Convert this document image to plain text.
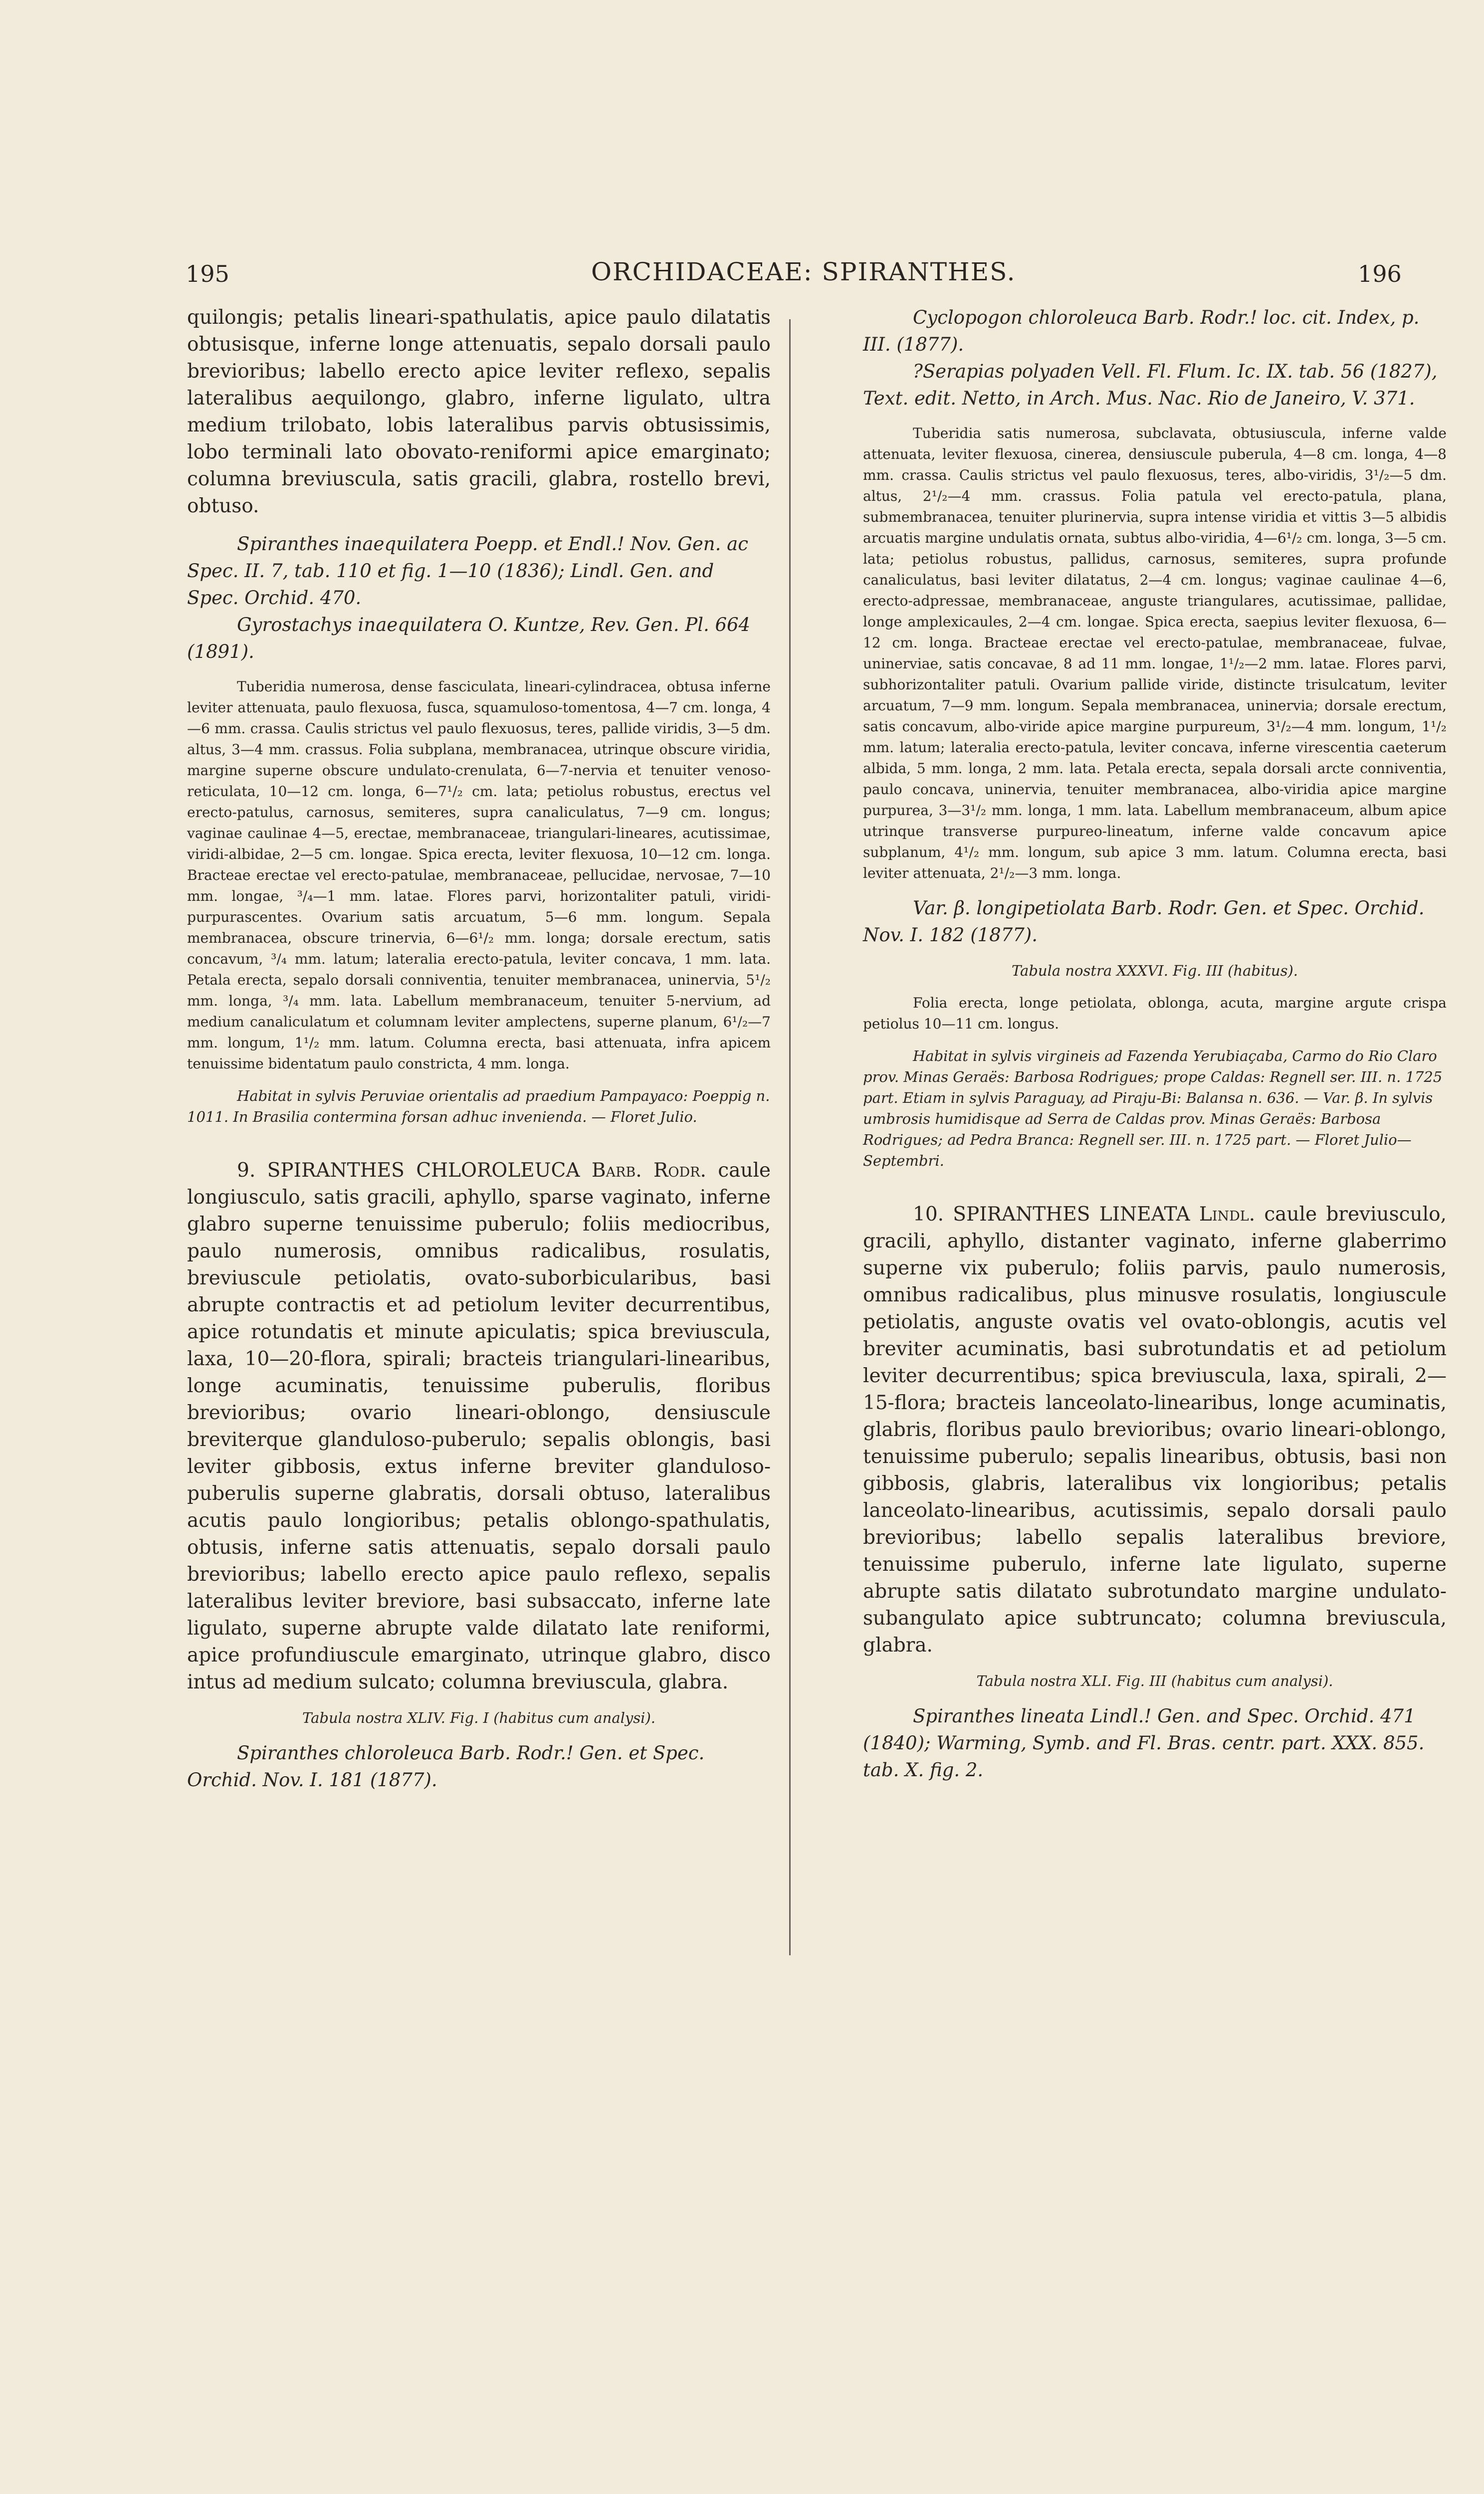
195	ORCHIDACEAE: SPIRANTHES.	196

quilongis; petalis lineari-spathulatis, apice paulo dilatatis obtusisque, inferne longe attenuatis, sepalo dorsali paulo brevioribus; labello erecto apice leviter reflexo, sepalis lateralibus aequilongo, glabro, inferne ligulato, ultra medium trilobato, lobis lateralibus parvis obtusissimis, lobo terminali lato obovato-reniformi apice emarginato; columna breviuscula, satis gracili, glabra, rostello brevi, obtuso.

Spiranthes inaequilatera Poepp. et Endl.! Nov. Gen. ac Spec. II. 7, tab. 110 et fig. 1—10 (1836); Lindl. Gen. and Spec. Orchid. 470.

Gyrostachys inaequilatera O. Kuntze, Rev. Gen. Pl. 664 (1891).

Tuberidia numerosa, dense fasciculata, lineari-cylindracea, obtusa inferne leviter attenuata, paulo flexuosa, fusca, squamuloso-tomentosa, 4—7 cm. longa, 4—6 mm. crassa. Caulis strictus vel paulo flexuosus, teres, pallide viridis, 3—5 dm. altus, 3—4 mm. crassus. Folia subplana, membranacea, utrinque obscure viridia, margine superne obscure undulato-crenulata, 6—7-nervia et tenuiter venoso-reticulata, 10—12 cm. longa, 6—7¹/₂ cm. lata; petiolus robustus, erectus vel erecto-patulus, carnosus, semiteres, supra canaliculatus, 7—9 cm. longus; vaginae caulinae 4—5, erectae, membranaceae, triangulari-lineares, acutissimae, viridi-albidae, 2—5 cm. longae. Spica erecta, leviter flexuosa, 10—12 cm. longa. Bracteae erectae vel erecto-patulae, membranaceae, pellucidae, nervosae, 7—10 mm. longae, ³/₄—1 mm. latae. Flores parvi, horizontaliter patuli, viridi-purpurascentes. Ovarium satis arcuatum, 5—6 mm. longum. Sepala membranacea, obscure trinervia, 6—6¹/₂ mm. longa; dorsale erectum, satis concavum, ³/₄ mm. latum; lateralia erecto-patula, leviter concava, 1 mm. lata. Petala erecta, sepalo dorsali conniventia, tenuiter membranacea, uninervia, 5¹/₂ mm. longa, ³/₄ mm. lata. Labellum membranaceum, tenuiter 5-nervium, ad medium canaliculatum et columnam leviter amplectens, superne planum, 6¹/₂—7 mm. longum, 1¹/₂ mm. latum. Columna erecta, basi attenuata, infra apicem tenuissime bidentatum paulo constricta, 4 mm. longa.

Habitat in sylvis Peruviae orientalis ad praedium Pampayaco: Poeppig n. 1011. In Brasilia contermina forsan adhuc invenienda. — Floret Julio.

9. SPIRANTHES CHLOROLEUCA Barb. Rodr. caule longiusculo, satis gracili, aphyllo, sparse vaginato, inferne glabro superne tenuissime puberulo; foliis mediocribus, paulo numerosis, omnibus radicalibus, rosulatis, breviuscule petiolatis, ovato-suborbicularibus, basi abrupte contractis et ad petiolum leviter decurrentibus, apice rotundatis et minute apiculatis; spica breviuscula, laxa, 10—20-flora, spirali; bracteis triangulari-linearibus, longe acuminatis, tenuissime puberulis, floribus brevioribus; ovario lineari-oblongo, densiuscule breviterque glanduloso-puberulo; sepalis oblongis, basi leviter gibbosis, extus inferne breviter glanduloso-puberulis superne glabratis, dorsali obtuso, lateralibus acutis paulo longioribus; petalis oblongo-spathulatis, obtusis, inferne satis attenuatis, sepalo dorsali paulo brevioribus; labello erecto apice paulo reflexo, sepalis lateralibus leviter breviore, basi subsaccato, inferne late ligulato, superne abrupte valde dilatato late reniformi, apice profundiuscule emarginato, utrinque glabro, disco intus ad medium sulcato; columna breviuscula, glabra.

Tabula nostra XLIV. Fig. I (habitus cum analysi).

Spiranthes chloroleuca Barb. Rodr.! Gen. et Spec. Orchid. Nov. I. 181 (1877).

Cyclopogon chloroleuca Barb. Rodr.! loc. cit. Index, p. III. (1877).

?Serapias polyaden Vell. Fl. Flum. Ic. IX. tab. 56 (1827), Text. edit. Netto, in Arch. Mus. Nac. Rio de Janeiro, V. 371.

Tuberidia satis numerosa, subclavata, obtusiuscula, inferne valde attenuata, leviter flexuosa, cinerea, densiuscule puberula, 4—8 cm. longa, 4—8 mm. crassa. Caulis strictus vel paulo flexuosus, teres, albo-viridis, 3¹/₂—5 dm. altus, 2¹/₂—4 mm. crassus. Folia patula vel erecto-patula, plana, submembranacea, tenuiter plurinervia, supra intense viridia et vittis 3—5 albidis arcuatis margine undulatis ornata, subtus albo-viridia, 4—6¹/₂ cm. longa, 3—5 cm. lata; petiolus robustus, pallidus, carnosus, semiteres, supra profunde canaliculatus, basi leviter dilatatus, 2—4 cm. longus; vaginae caulinae 4—6, erecto-adpressae, membranaceae, anguste triangulares, acutissimae, pallidae, longe amplexicaules, 2—4 cm. longae. Spica erecta, saepius leviter flexuosa, 6—12 cm. longa. Bracteae erectae vel erecto-patulae, membranaceae, fulvae, uninerviae, satis concavae, 8 ad 11 mm. longae, 1¹/₂—2 mm. latae. Flores parvi, subhorizontaliter patuli. Ovarium pallide viride, distincte trisulcatum, leviter arcuatum, 7—9 mm. longum. Sepala membranacea, uninervia; dorsale erectum, satis concavum, albo-viride apice margine purpureum, 3¹/₂—4 mm. longum, 1¹/₂ mm. latum; lateralia erecto-patula, leviter concava, inferne virescentia caeterum albida, 5 mm. longa, 2 mm. lata. Petala erecta, sepala dorsali arcte conniventia, paulo concava, uninervia, tenuiter membranacea, albo-viridia apice margine purpurea, 3—3¹/₂ mm. longa, 1 mm. lata. Labellum membranaceum, album apice utrinque transverse purpureo-lineatum, inferne valde concavum apice subplanum, 4¹/₂ mm. longum, sub apice 3 mm. latum. Columna erecta, basi leviter attenuata, 2¹/₂—3 mm. longa.

Var. β. longipetiolata Barb. Rodr. Gen. et Spec. Orchid. Nov. I. 182 (1877).

Tabula nostra XXXVI. Fig. III (habitus).

Folia erecta, longe petiolata, oblonga, acuta, margine argute crispa petiolus 10—11 cm. longus.

Habitat in sylvis virgineis ad Fazenda Yerubiaçaba, Carmo do Rio Claro prov. Minas Geraës: Barbosa Rodrigues; prope Caldas: Regnell ser. III. n. 1725 part. Etiam in sylvis Paraguay, ad Piraju-Bi: Balansa n. 636. — Var. β. In sylvis umbrosis humidisque ad Serra de Caldas prov. Minas Geraës: Barbosa Rodrigues; ad Pedra Branca: Regnell ser. III. n. 1725 part. — Floret Julio—Septembri.

10. SPIRANTHES LINEATA Lindl. caule breviusculo, gracili, aphyllo, distanter vaginato, inferne glaberrimo superne vix puberulo; foliis parvis, paulo numerosis, omnibus radicalibus, plus minusve rosulatis, longiuscule petiolatis, anguste ovatis vel ovato-oblongis, acutis vel breviter acuminatis, basi subrotundatis et ad petiolum leviter decurrentibus; spica breviuscula, laxa, spirali, 2—15-flora; bracteis lanceolato-linearibus, longe acuminatis, glabris, floribus paulo brevioribus; ovario lineari-oblongo, tenuissime puberulo; sepalis linearibus, obtusis, basi non gibbosis, glabris, lateralibus vix longioribus; petalis lanceolato-linearibus, acutissimis, sepalo dorsali paulo brevioribus; labello sepalis lateralibus breviore, tenuissime puberulo, inferne late ligulato, superne abrupte satis dilatato subrotundato margine undulato-subangulato apice subtruncato; columna breviuscula, glabra.

Tabula nostra XLI. Fig. III (habitus cum analysi).

Spiranthes lineata Lindl.! Gen. and Spec. Orchid. 471 (1840); Warming, Symb. and Fl. Bras. centr. part. XXX. 855. tab. X. fig. 2.
